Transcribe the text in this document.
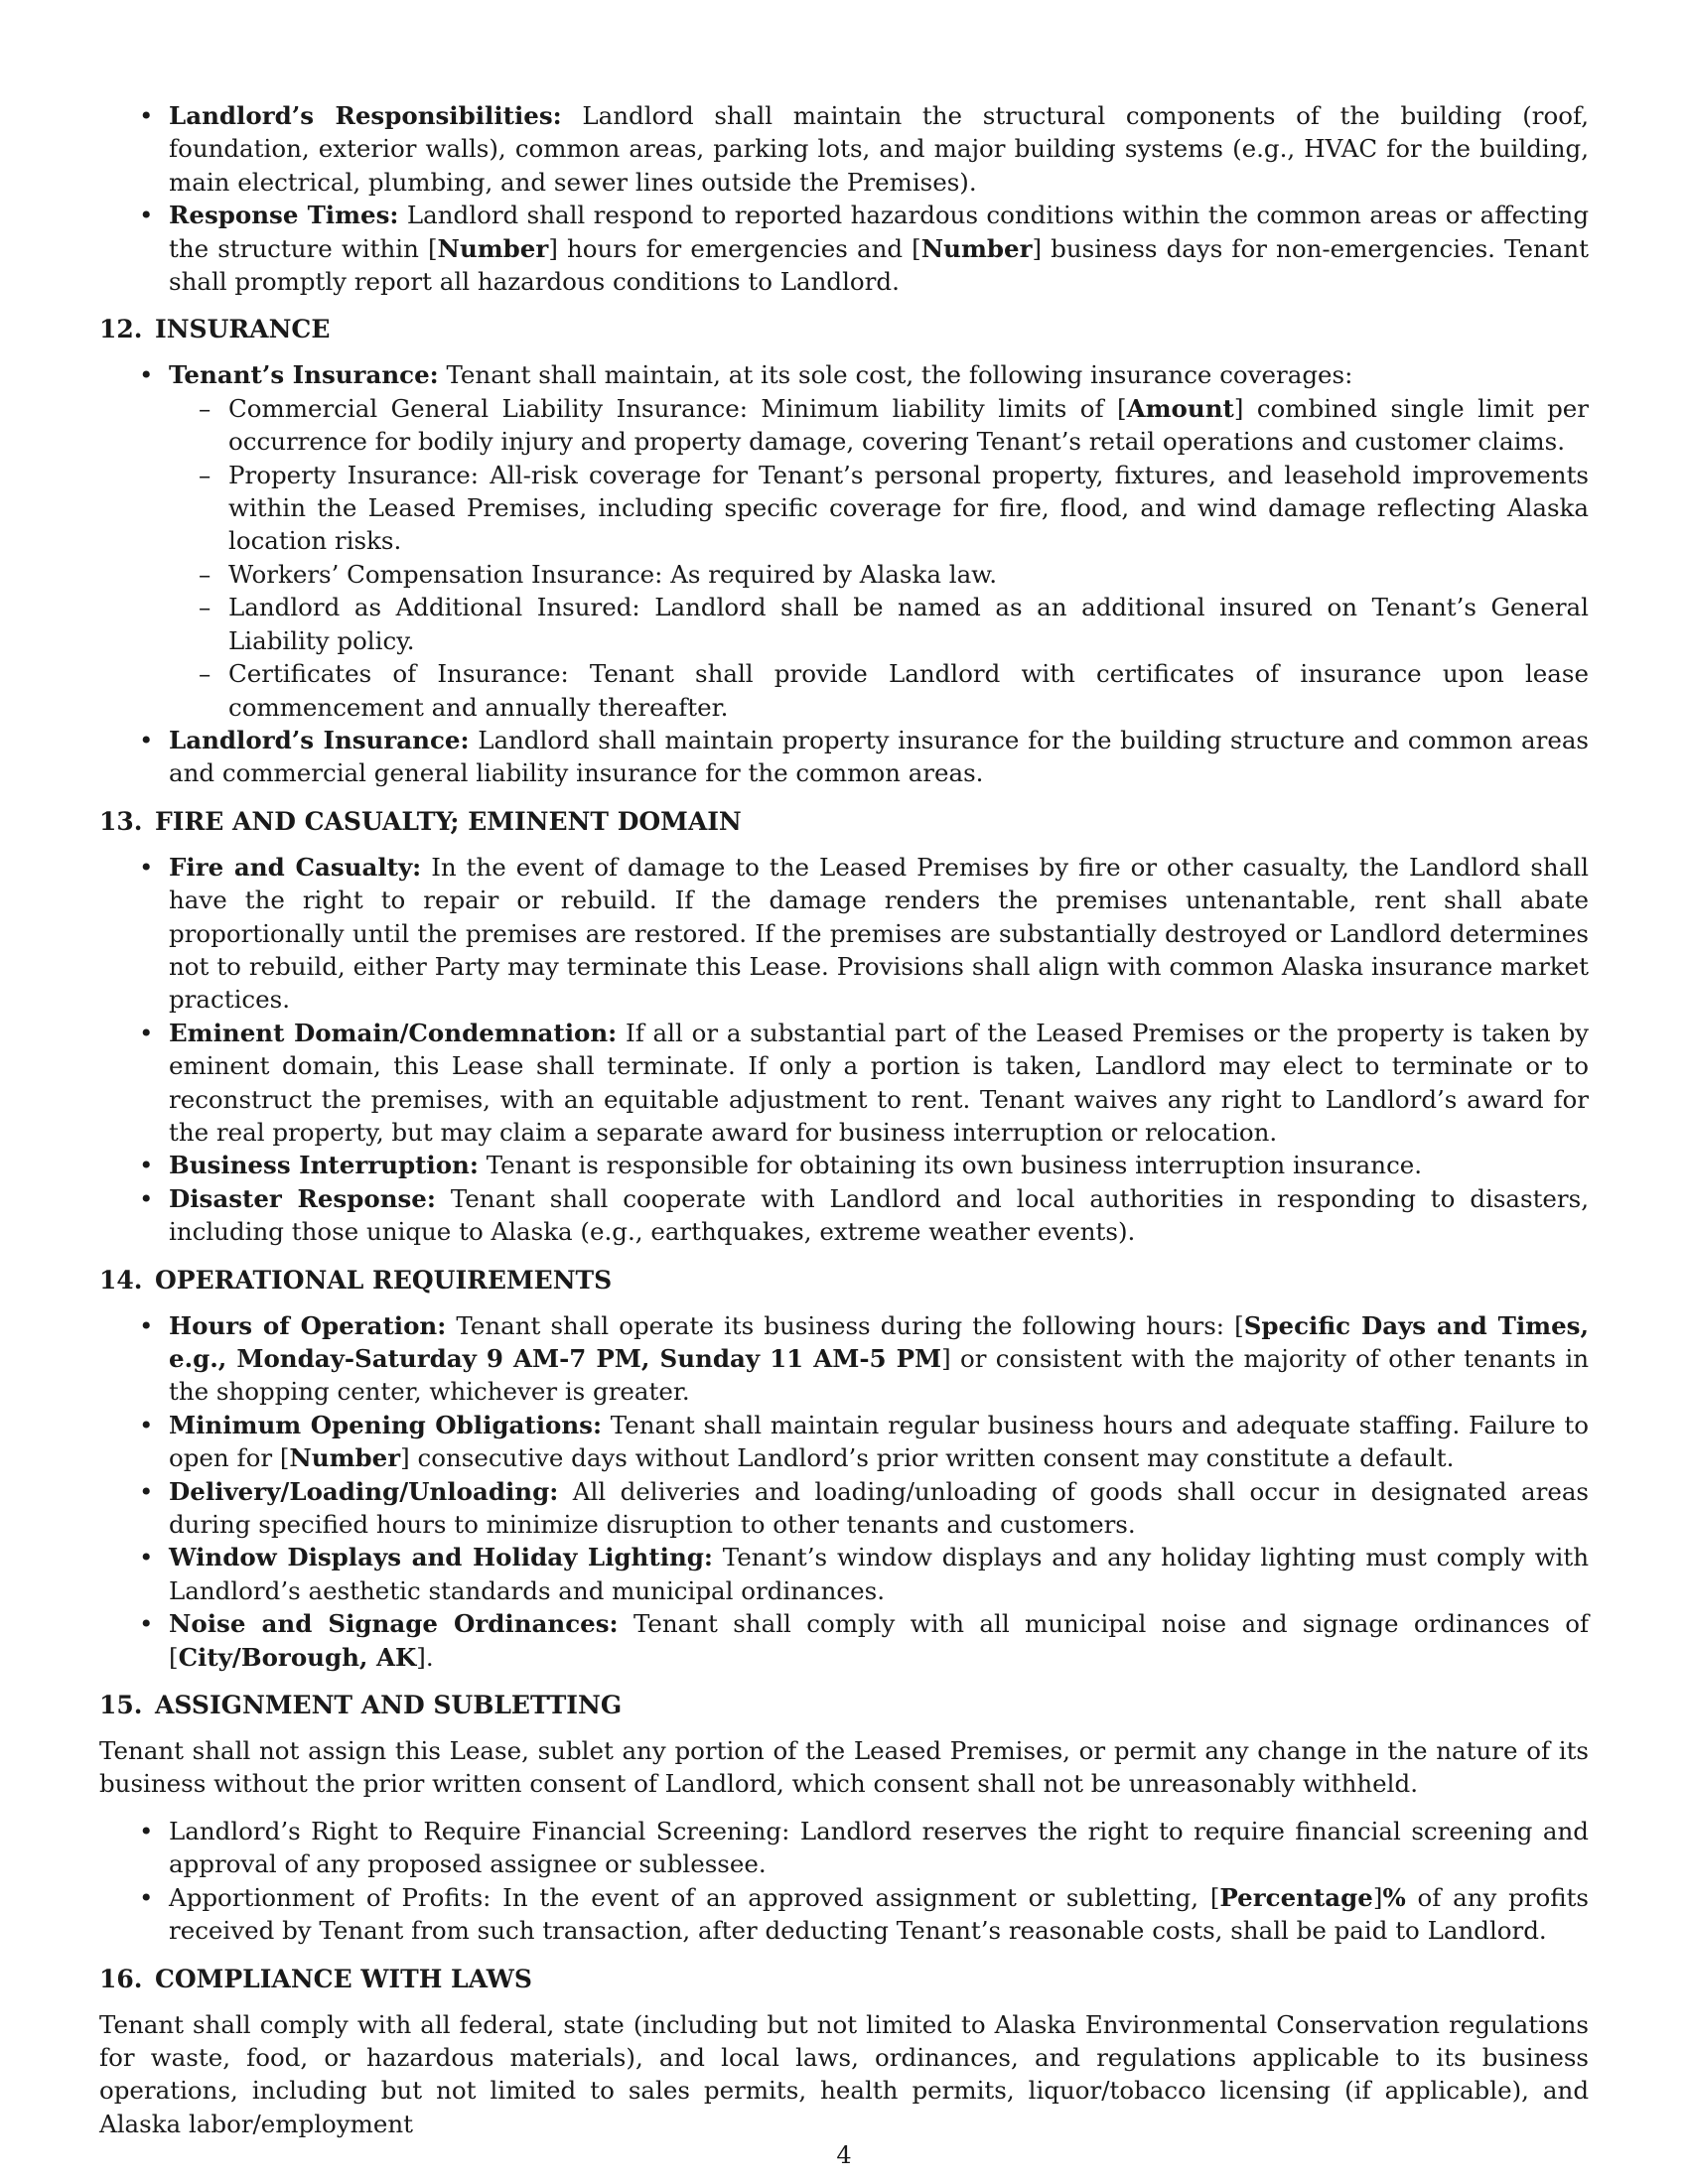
• Landlord’s Responsibilities: Landlord shall maintain the structural components of the building (roof, foundation, exterior walls), common areas, parking lots, and major building systems (e.g., HVAC for the building, main electrical, plumbing, and sewer lines outside the Premises).
• Response Times: Landlord shall respond to reported hazardous conditions within the common areas or affecting the structure within [Number] hours for emergencies and [Number] business days for non-emergencies. Tenant shall promptly report all hazardous conditions to Landlord.
12. INSURANCE
• Tenant’s Insurance: Tenant shall maintain, at its sole cost, the following insurance coverages:
– Commercial General Liability Insurance: Minimum liability limits of [Amount] combined single limit per occurrence for bodily injury and property damage, covering Tenant’s retail operations and customer claims.
– Property Insurance: All-risk coverage for Tenant’s personal property, fixtures, and leasehold improvements within the Leased Premises, including specific coverage for fire, flood, and wind damage reflecting Alaska location risks.
– Workers’ Compensation Insurance: As required by Alaska law.
– Landlord as Additional Insured: Landlord shall be named as an additional insured on Tenant’s General Liability policy.
– Certificates of Insurance: Tenant shall provide Landlord with certificates of insurance upon lease commencement and annually thereafter.
• Landlord’s Insurance: Landlord shall maintain property insurance for the building structure and common areas and commercial general liability insurance for the common areas.
13. FIRE AND CASUALTY; EMINENT DOMAIN
• Fire and Casualty: In the event of damage to the Leased Premises by fire or other casualty, the Landlord shall have the right to repair or rebuild. If the damage renders the premises untenantable, rent shall abate proportionally until the premises are restored. If the premises are substantially destroyed or Landlord determines not to rebuild, either Party may terminate this Lease. Provisions shall align with common Alaska insurance market practices.
• Eminent Domain/Condemnation: If all or a substantial part of the Leased Premises or the property is taken by eminent domain, this Lease shall terminate. If only a portion is taken, Landlord may elect to terminate or to reconstruct the premises, with an equitable adjustment to rent. Tenant waives any right to Landlord’s award for the real property, but may claim a separate award for business interruption or relocation.
• Business Interruption: Tenant is responsible for obtaining its own business interruption insurance.
• Disaster Response: Tenant shall cooperate with Landlord and local authorities in responding to disasters, including those unique to Alaska (e.g., earthquakes, extreme weather events).
14. OPERATIONAL REQUIREMENTS
• Hours of Operation: Tenant shall operate its business during the following hours: [Specific Days and Times, e.g., Monday-Saturday 9 AM-7 PM, Sunday 11 AM-5 PM] or consistent with the majority of other tenants in the shopping center, whichever is greater.
• Minimum Opening Obligations: Tenant shall maintain regular business hours and adequate staffing. Failure to open for [Number] consecutive days without Landlord’s prior written consent may constitute a default.
• Delivery/Loading/Unloading: All deliveries and loading/unloading of goods shall occur in designated areas during specified hours to minimize disruption to other tenants and customers.
• Window Displays and Holiday Lighting: Tenant’s window displays and any holiday lighting must comply with Landlord’s aesthetic standards and municipal ordinances.
• Noise and Signage Ordinances: Tenant shall comply with all municipal noise and signage ordinances of [City/Borough, AK].
15. ASSIGNMENT AND SUBLETTING

Tenant shall not assign this Lease, sublet any portion of the Leased Premises, or permit any change in the nature of its business without the prior written consent of Landlord, which consent shall not be unreasonably withheld.

• Landlord’s Right to Require Financial Screening: Landlord reserves the right to require financial screening and approval of any proposed assignee or sublessee.
• Apportionment of Profits: In the event of an approved assignment or subletting, [Percentage]% of any profits received by Tenant from such transaction, after deducting Tenant’s reasonable costs, shall be paid to Landlord.
16. COMPLIANCE WITH LAWS

Tenant shall comply with all federal, state (including but not limited to Alaska Environmental Conservation regulations for waste, food, or hazardous materials), and local laws, ordinances, and regulations applicable to its business operations, including but not limited to sales permits, health permits, liquor/tobacco licensing (if applicable), and Alaska labor/employment

4
